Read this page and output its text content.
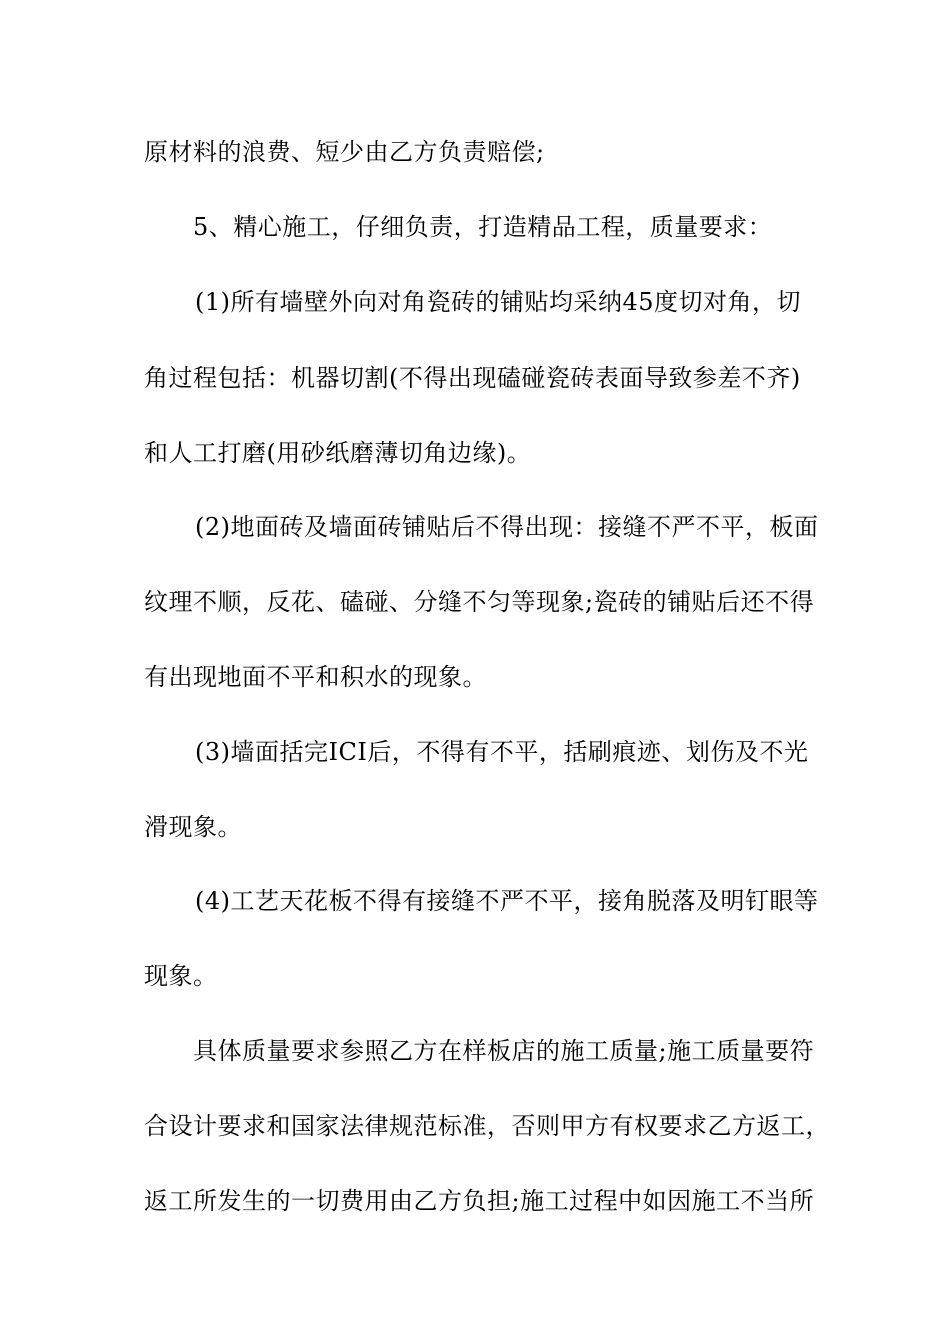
原材料的浪费、短少由乙方负责赔偿;
5、精心施工，仔细负责，打造精品工程，质量要求：
(1)所有墙壁外向对角瓷砖的铺贴均采纳45度切对角，切
角过程包括：机器切割(不得出现磕碰瓷砖表面导致参差不齐)
和人工打磨(用砂纸磨薄切角边缘)。
(2)地面砖及墙面砖铺贴后不得出现：接缝不严不平，板面
纹理不顺，反花、磕碰、分缝不匀等现象;瓷砖的铺贴后还不得
有出现地面不平和积水的现象。
(3)墙面括完ICI后，不得有不平，括刷痕迹、划伤及不光
滑现象。
(4)工艺天花板不得有接缝不严不平，接角脱落及明钉眼等
现象。
具体质量要求参照乙方在样板店的施工质量;施工质量要符
合设计要求和国家法律规范标准，否则甲方有权要求乙方返工，
返工所发生的一切费用由乙方负担;施工过程中如因施工不当所
